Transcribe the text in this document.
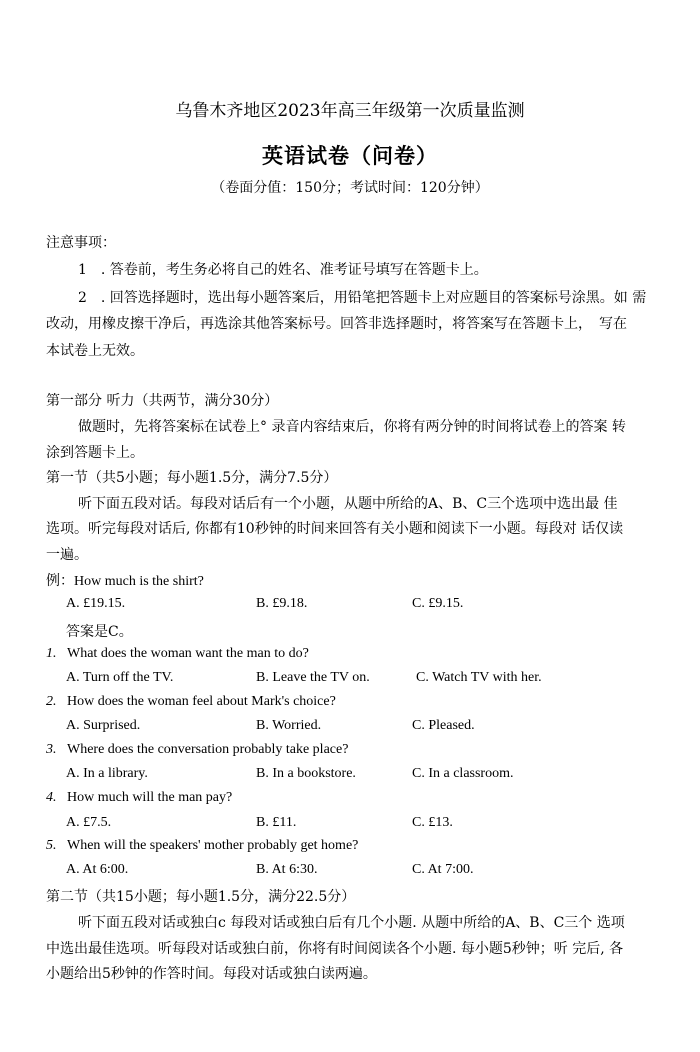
乌鲁木齐地区2023年高三年级第一次质量监测
英语试卷（问卷）
（卷面分值：150分；考试时间：120分钟）
注意事项：
1　. 答卷前，考生务必将自己的姓名、准考证号填写在答题卡上。
2　. 回答选择题时，选出每小题答案后，用铅笔把答题卡上对应题目的答案标号涂黑。如 需
改动，用橡皮擦干净后，再选涂其他答案标号。回答非选择题时，将答案写在答题卡上，　写在
本试卷上无效。
第一部分 听力（共两节，满分30分）
做题时，先将答案标在试卷上° 录音内容结束后，你将有两分钟的时间将试卷上的答案 转
涂到答题卡上。
第一节（共5小题；每小题1.5分，满分7.5分）
听下面五段对话。每段对话后有一个小题，从题中所给的A、B、C三个选项中选出最 佳
选项。听完每段对话后, 你都有10秒钟的时间来回答有关小题和阅读下一小题。每段对 话仅读
一遍。
例：How much is the shirt?
A. £19.15.	B. £9.18.	C. £9.15.
答案是C。
1. What does the woman want the man to do?
A. Turn off the TV.	B. Leave the TV on.	C. Watch TV with her.
2. How does the woman feel about Mark's choice?
A. Surprised.	B. Worried.	C. Pleased.
3. Where does the conversation probably take place?
A. In a library.	B. In a bookstore.	C. In a classroom.
4. How much will the man pay?
A. £7.5.	B. £11.	C. £13.
5. When will the speakers' mother probably get home?
A. At 6:00.	B. At 6:30.	C. At 7:00.
第二节（共15小题；每小题1.5分，满分22.5分）
听下面五段对话或独白c 每段对话或独白后有几个小题. 从题中所给的A、B、C三个 选项
中选出最佳选项。听每段对话或独白前，你将有时间阅读各个小题. 每小题5秒钟；听 完后, 各
小题给出5秒钟的作答时间。每段对话或独白读两遍。
